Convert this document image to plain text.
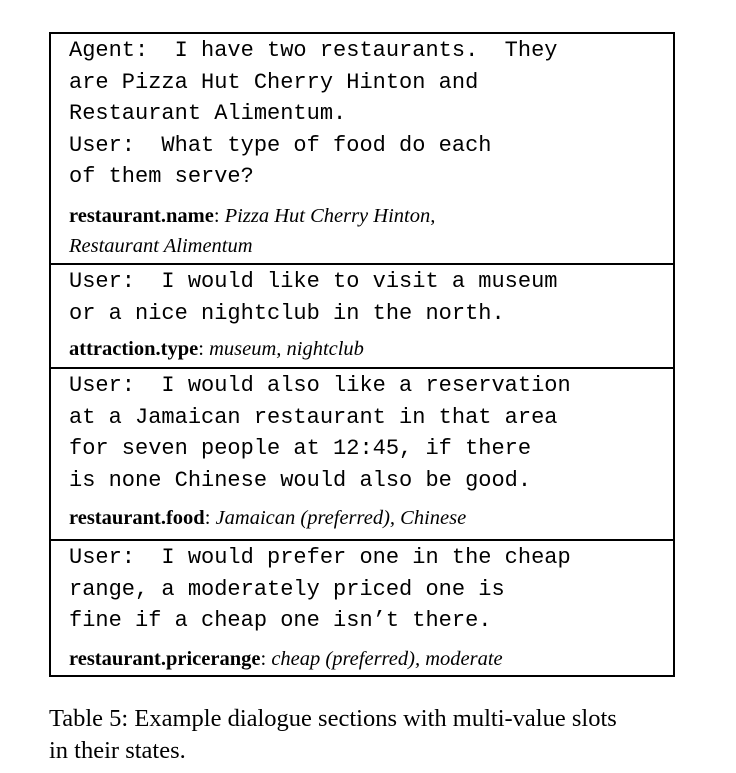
Agent:  I have two restaurants.  They
are Pizza Hut Cherry Hinton and
Restaurant Alimentum.
User:  What type of food do each
of them serve?
restaurant.name: Pizza Hut Cherry Hinton,
Restaurant Alimentum
User:  I would like to visit a museum
or a nice nightclub in the north.
attraction.type: museum, nightclub
User:  I would also like a reservation
at a Jamaican restaurant in that area
for seven people at 12:45, if there
is none Chinese would also be good.
restaurant.food: Jamaican (preferred), Chinese
User:  I would prefer one in the cheap
range, a moderately priced one is
fine if a cheap one isn’t there.
restaurant.pricerange: cheap (preferred), moderate
Table 5: Example dialogue sections with multi-value slots
in their states.
